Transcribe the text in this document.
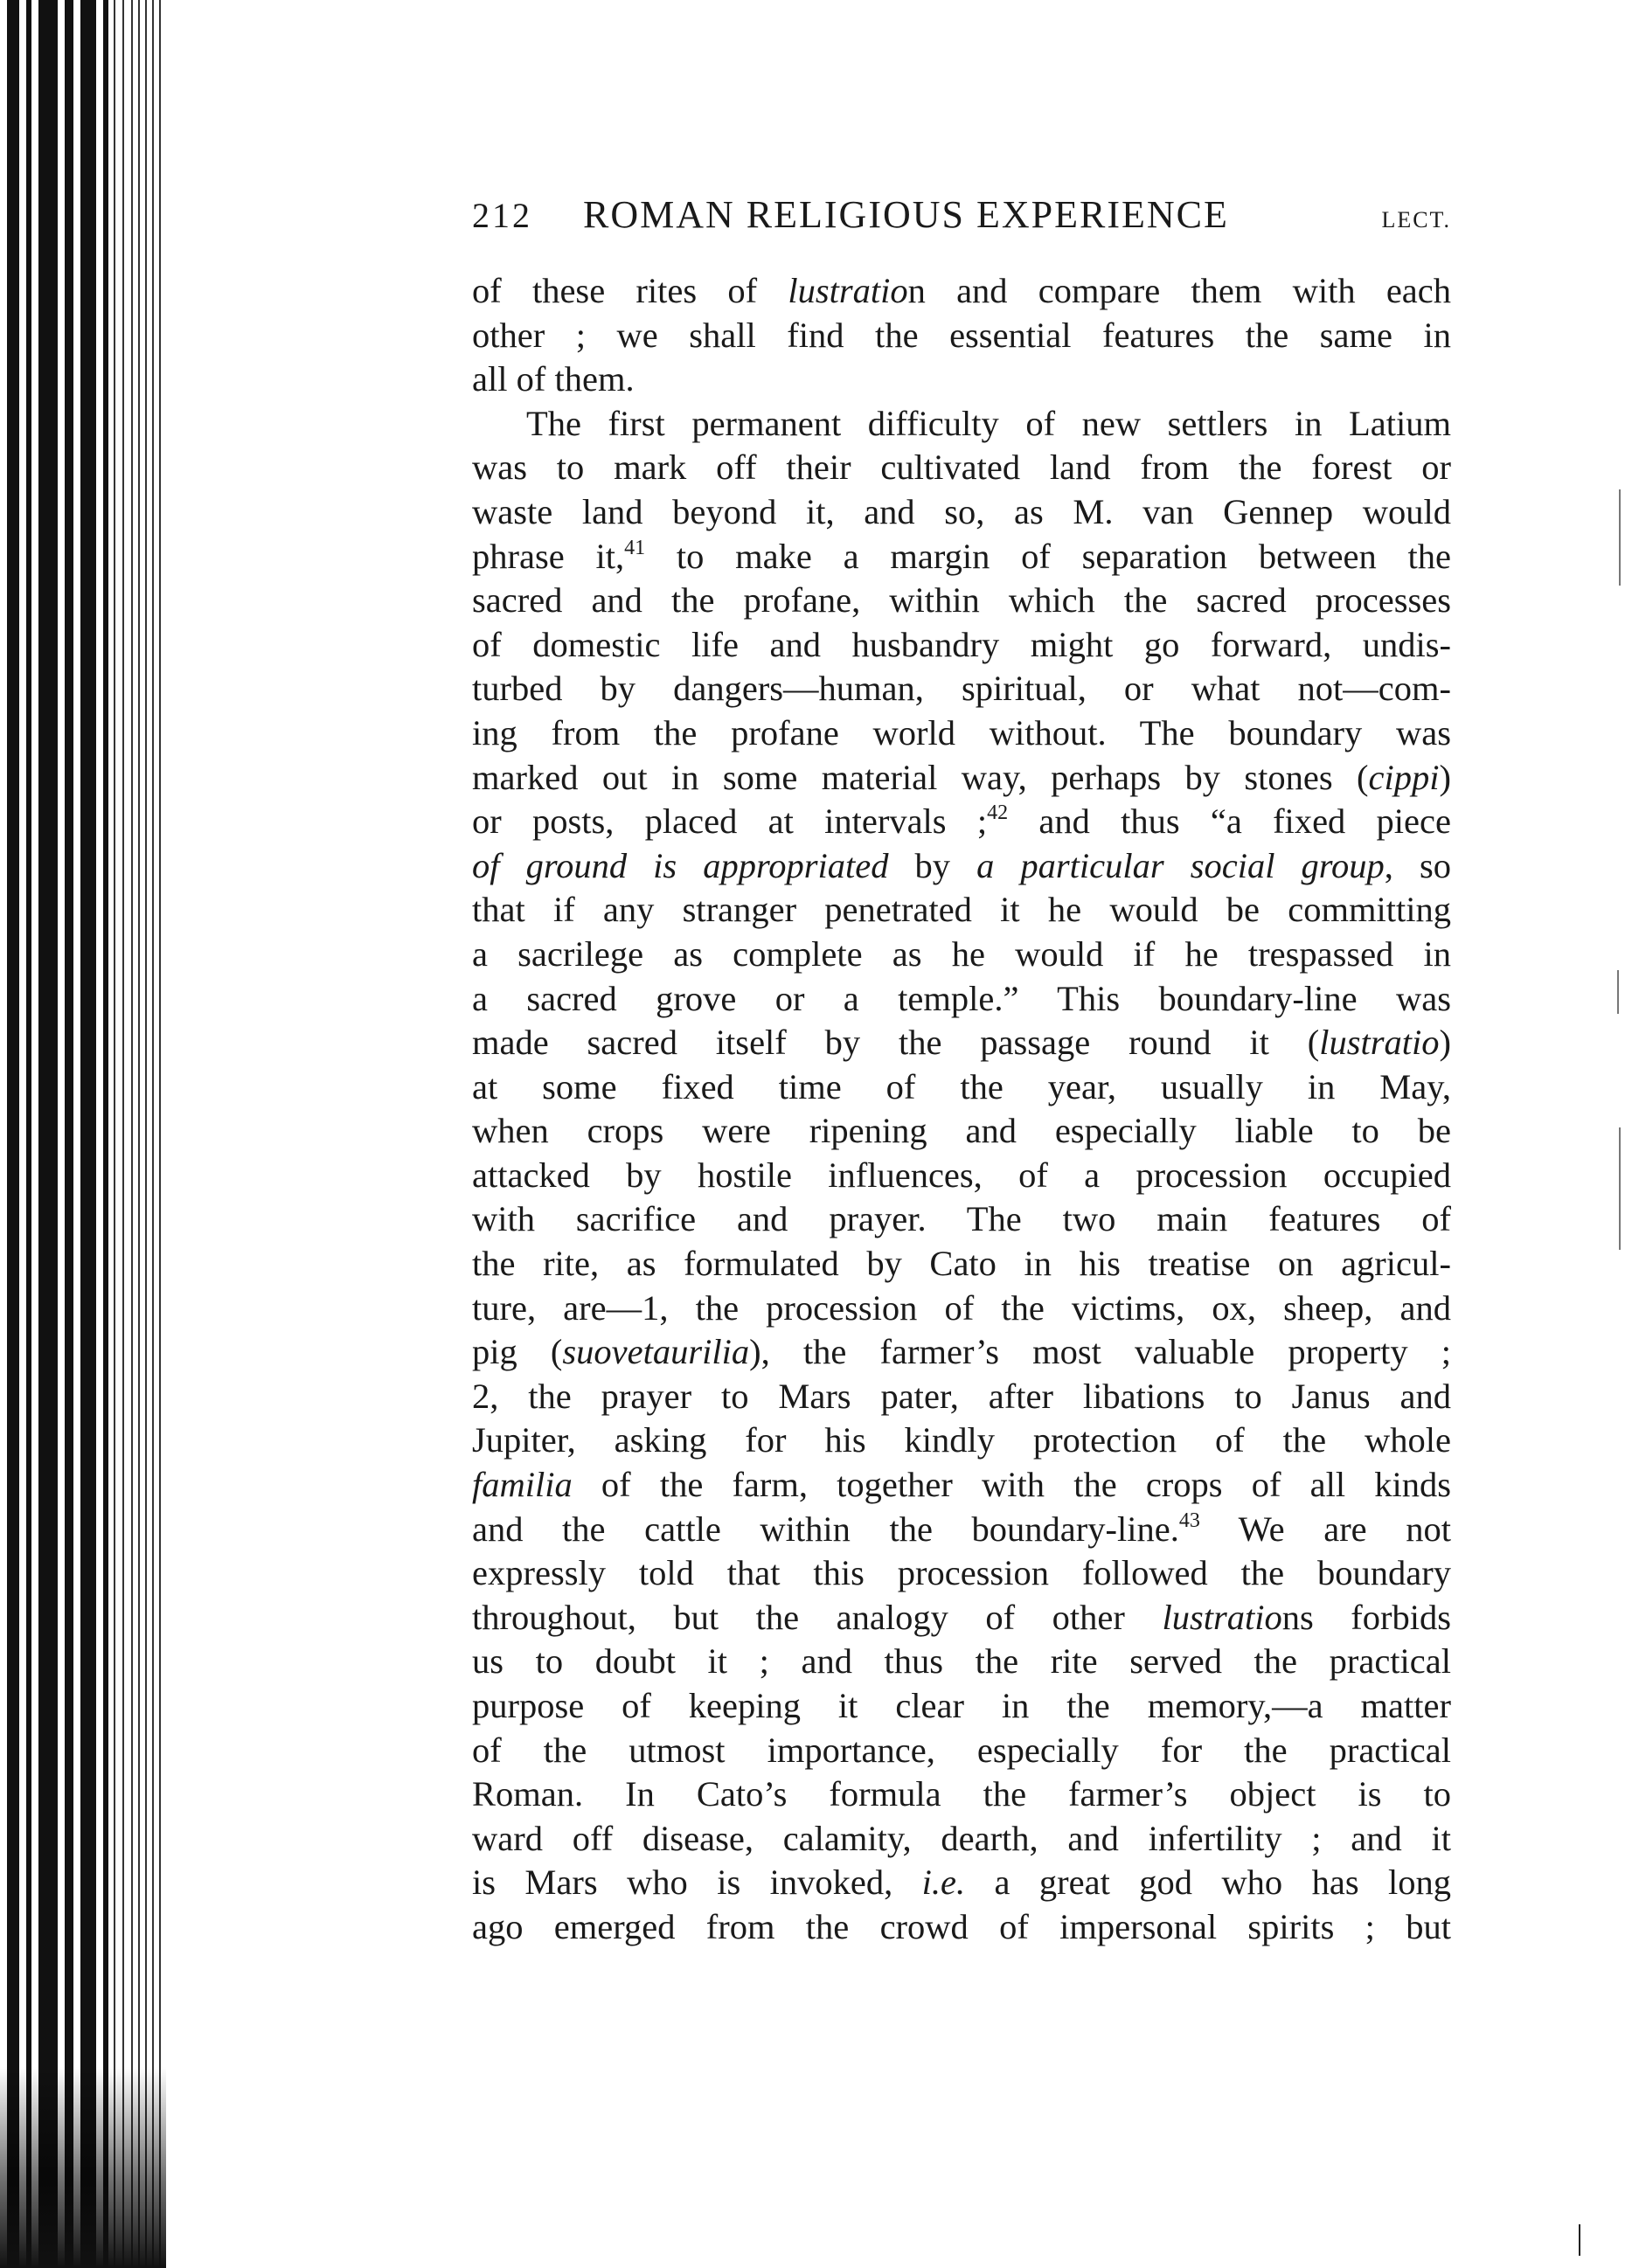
212	ROMAN RELIGIOUS EXPERIENCE	LECT.
of these rites of lustration and compare them with each
other ; we shall find the essential features the same in
all of them.
The first permanent difficulty of new settlers in Latium
was to mark off their cultivated land from the forest or
waste land beyond it, and so, as M. van Gennep would
phrase it,$^{41}$ to make a margin of separation between the
sacred and the profane, within which the sacred processes
of domestic life and husbandry might go forward, undis-
turbed by dangers—human, spiritual, or what not—com-
ing from the profane world without. The boundary was
marked out in some material way, perhaps by stones (cippi)
or posts, placed at intervals ;$^{42}$ and thus “a fixed piece
of ground is appropriated by a particular social group, so
that if any stranger penetrated it he would be committing
a sacrilege as complete as he would if he trespassed in
a sacred grove or a temple.” This boundary-line was
made sacred itself by the passage round it (lustratio)
at some fixed time of the year, usually in May,
when crops were ripening and especially liable to be
attacked by hostile influences, of a procession occupied
with sacrifice and prayer. The two main features of
the rite, as formulated by Cato in his treatise on agricul-
ture, are—1, the procession of the victims, ox, sheep, and
pig (suovetaurilia), the farmer’s most valuable property ;
2, the prayer to Mars pater, after libations to Janus and
Jupiter, asking for his kindly protection of the whole
familia of the farm, together with the crops of all kinds
and the cattle within the boundary-line.$^{43}$ We are not
expressly told that this procession followed the boundary
throughout, but the analogy of other lustrations forbids
us to doubt it ; and thus the rite served the practical
purpose of keeping it clear in the memory,—a matter
of the utmost importance, especially for the practical
Roman. In Cato’s formula the farmer’s object is to
ward off disease, calamity, dearth, and infertility ; and it
is Mars who is invoked, i.e. a great god who has long
ago emerged from the crowd of impersonal spirits ; but
